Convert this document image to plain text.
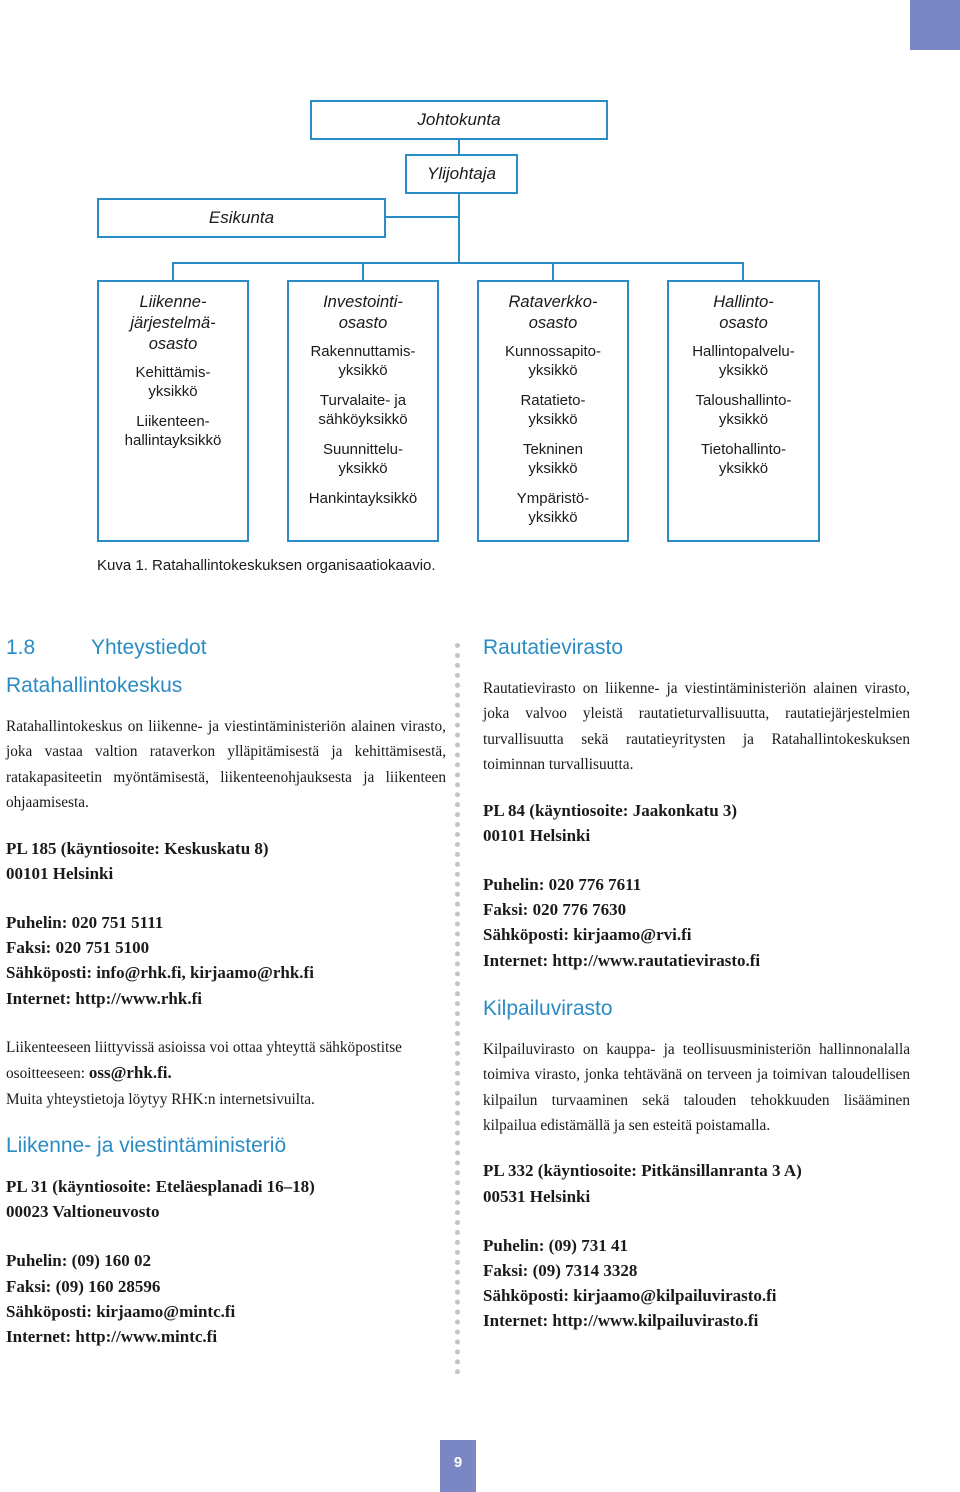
Johtokunta
Ylijohtaja
Esikunta
Liikenne-
järjestelmä-
osasto
Kehittämis-
yksikkö
Liikenteen-
hallintayksikkö
Investointi-
osasto
Rakennuttamis-
yksikkö
Turvalaite- ja
sähköyksikkö
Suunnittelu-
yksikkö
Hankintayksikkö
Rataverkko-
osasto
Kunnossapito-
yksikkö
Ratatieto-
yksikkö
Tekninen
yksikkö
Ympäristö-
yksikkö
Hallinto-
osasto
Hallintopalvelu-
yksikkö
Taloushallinto-
yksikkö
Tietohallinto-
yksikkö
Kuva 1. Ratahallintokeskuksen organisaatiokaavio.
1.8	Yhteystiedot
Ratahallintokeskus

Ratahallintokeskus on liikenne- ja viestintäministeriön alainen virasto, joka vastaa valtion rataverkon ylläpitämisestä ja kehittämisestä, ratakapasiteetin myöntämisestä, liikenteenohjauksesta ja liikenteen ohjaamisesta.

PL 185 (käyntiosoite: Keskuskatu 8)
00101 Helsinki
Puhelin: 020 751 5111
Faksi: 020 751 5100
Sähköposti: info@rhk.fi, kirjaamo@rhk.fi
Internet: http://www.rhk.fi

Liikenteeseen liittyvissä asioissa voi ottaa yhteyttä sähköpostitse osoitteeseen: oss@rhk.fi.
Muita yhteystietoja löytyy RHK:n internetsivuilta.

Liikenne- ja viestintäministeriö
PL 31 (käyntiosoite: Eteläesplanadi 16–18)
00023 Valtioneuvosto
Puhelin: (09) 160 02
Faksi: (09) 160 28596
Sähköposti: kirjaamo@mintc.fi
Internet: http://www.mintc.fi
Rautatievirasto

Rautatievirasto on liikenne- ja viestintäministeriön alainen virasto, joka valvoo yleistä rautatieturvallisuutta, rautatiejärjestelmien turvallisuutta sekä rautatieyritysten ja Ratahallintokeskuksen toiminnan turvallisuutta.

PL 84 (käyntiosoite: Jaakonkatu 3)
00101 Helsinki
Puhelin: 020 776 7611
Faksi: 020 776 7630
Sähköposti: kirjaamo@rvi.fi
Internet: http://www.rautatievirasto.fi
Kilpailuvirasto

Kilpailuvirasto on kauppa- ja teollisuusministeriön hallinnonalalla toimiva virasto, jonka tehtävänä on terveen ja toimivan taloudellisen kilpailun turvaaminen sekä talouden tehokkuuden lisääminen kilpailua edistämällä ja sen esteitä poistamalla.

PL 332 (käyntiosoite: Pitkänsillanranta 3 A)
00531 Helsinki
Puhelin: (09) 731 41
Faksi: (09) 7314 3328
Sähköposti: kirjaamo@kilpailuvirasto.fi
Internet: http://www.kilpailuvirasto.fi
9
